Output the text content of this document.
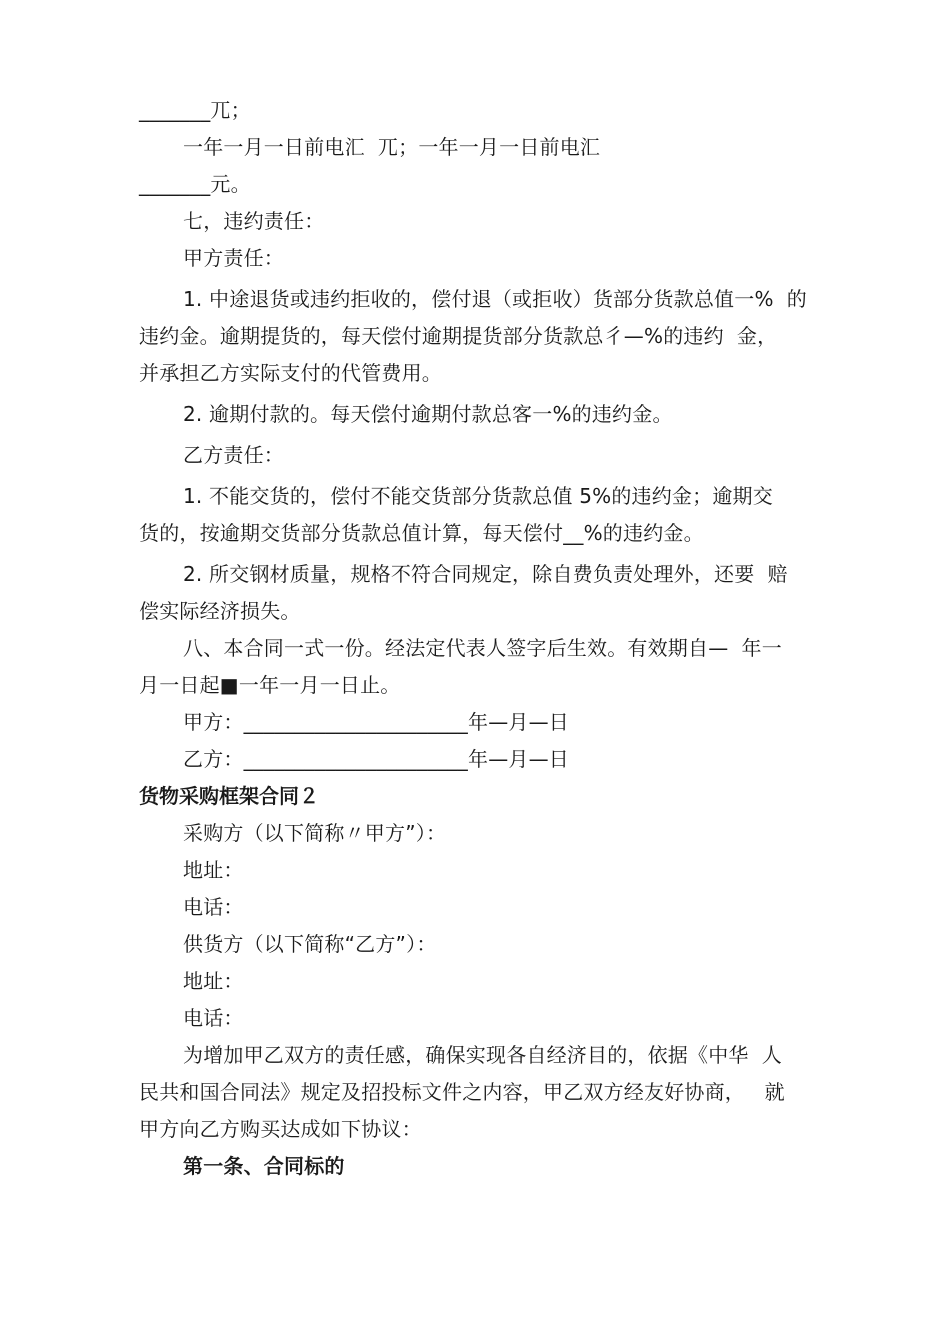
_______兀；
一年一月一日前电汇  兀；一年一月一日前电汇
_______元。
七，违约责任：
甲方责任：
1. 中途退货或违约拒收的，偿付退（或拒收）货部分货款总值一%  的
违约金。逾期提货的，每天偿付逾期提货部分货款总彳—%的违约  金，
并承担乙方实际支付的代管费用。
2. 逾期付款的。每天偿付逾期付款总客一%的违约金。
乙方责任：
1. 不能交货的，偿付不能交货部分货款总值 5%的违约金；逾期交
货的，按逾期交货部分货款总值计算，每天偿付__%的违约金。
2. 所交钢材质量，规格不符合同规定，除自费负责处理外，还要  赔
偿实际经济损失。
八、本合同一式一份。经法定代表人签字后生效。有效期自—  年一
月一日起■一年一月一日止。
甲方：______________________年—月—日
乙方：______________________年—月—日
货物采购框架合同２
采购方（以下简称〃甲方”）：
地址：
电话：
供货方（以下简称“乙方”）：
地址：
电话：
为增加甲乙双方的责任感，确保实现各自经济目的，依据《中华  人
民共和国合同法》规定及招投标文件之内容，甲乙双方经友好协商，   就
甲方向乙方购买达成如下协议：
第一条、合同标的
